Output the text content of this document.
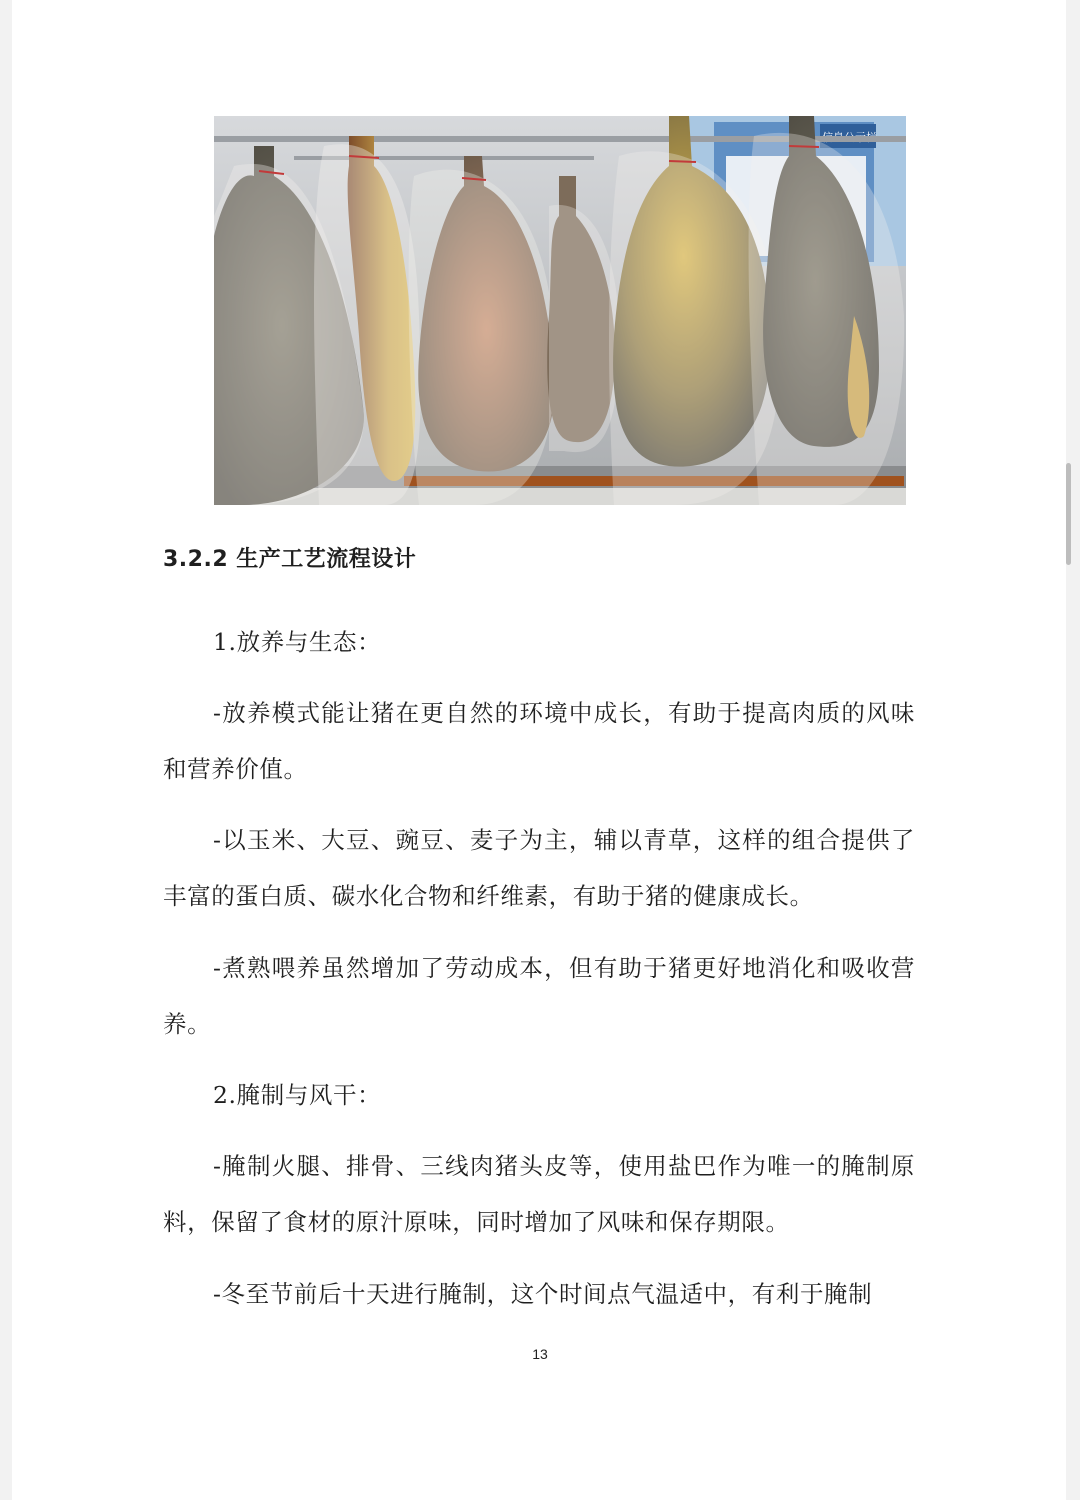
3.2.2 生产工艺流程设计
1.放养与生态：
-放养模式能让猪在更自然的环境中成长，有助于提高肉质的风味和营养价值。
-以玉米、大豆、豌豆、麦子为主，辅以青草，这样的组合提供了丰富的蛋白质、碳水化合物和纤维素，有助于猪的健康成长。
-煮熟喂养虽然增加了劳动成本，但有助于猪更好地消化和吸收营养。
2.腌制与风干：
-腌制火腿、排骨、三线肉猪头皮等，使用盐巴作为唯一的腌制原料，保留了食材的原汁原味，同时增加了风味和保存期限。
-冬至节前后十天进行腌制，这个时间点气温适中，有利于腌制
13
